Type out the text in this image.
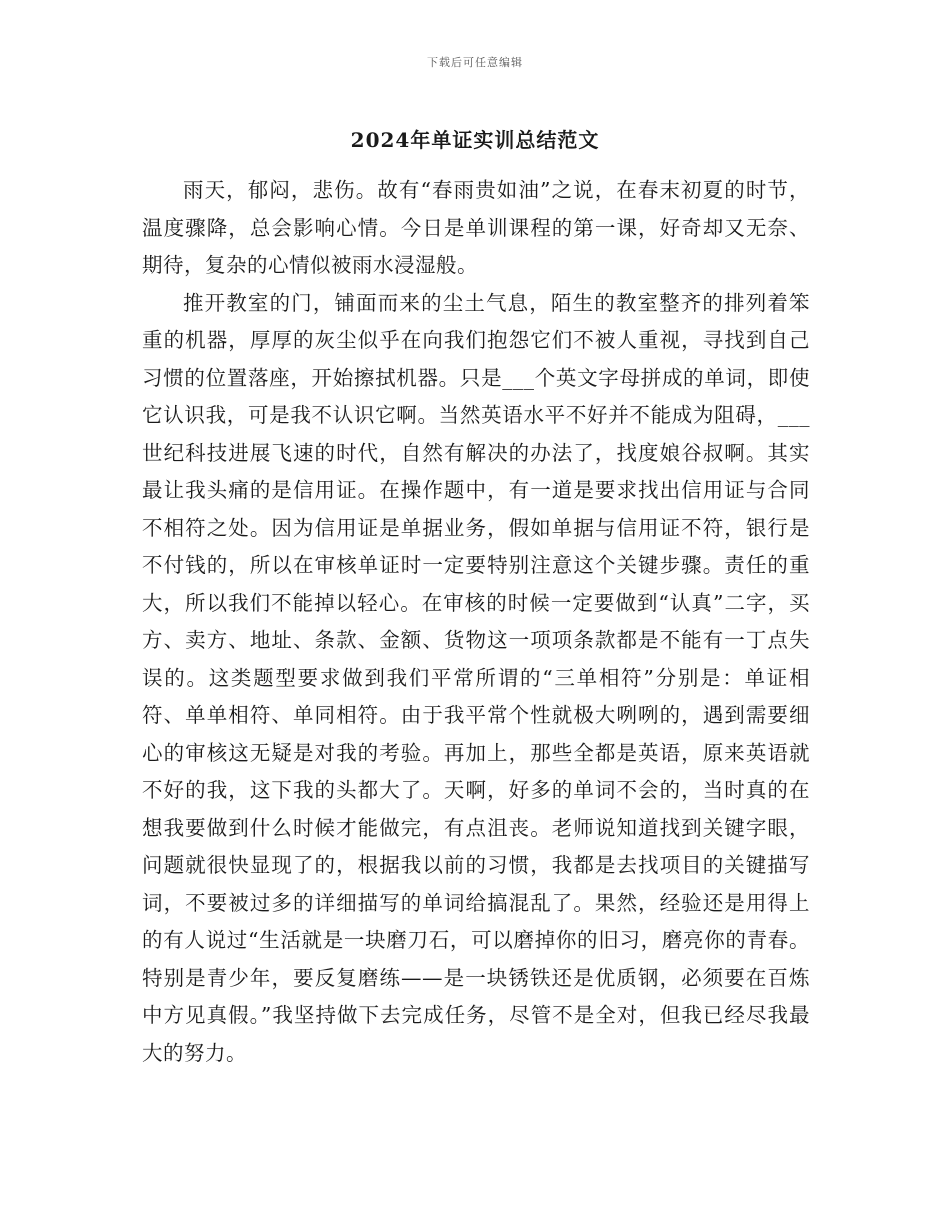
下载后可任意编辑
2024年单证实训总结范文

雨天，郁闷，悲伤。故有“春雨贵如油”之说，在春末初夏的时节，温度骤降，总会影响心情。今日是单训课程的第一课，好奇却又无奈、期待，复杂的心情似被雨水浸湿般。

推开教室的门，铺面而来的尘土气息，陌生的教室整齐的排列着笨重的机器，厚厚的灰尘似乎在向我们抱怨它们不被人重视，寻找到自己习惯的位置落座，开始擦拭机器。只是___个英文字母拼成的单词，即使它认识我，可是我不认识它啊。当然英语水平不好并不能成为阻碍，___世纪科技进展飞速的时代，自然有解决的办法了，找度娘谷叔啊。其实最让我头痛的是信用证。在操作题中，有一道是要求找出信用证与合同不相符之处。因为信用证是单据业务，假如单据与信用证不符，银行是不付钱的，所以在审核单证时一定要特别注意这个关键步骤。责任的重大，所以我们不能掉以轻心。在审核的时候一定要做到“认真”二字，买方、卖方、地址、条款、金额、货物这一项项条款都是不能有一丁点失误的。这类题型要求做到我们平常所谓的“三单相符”分别是：单证相符、单单相符、单同相符。由于我平常个性就极大咧咧的，遇到需要细心的审核这无疑是对我的考验。再加上，那些全都是英语，原来英语就不好的我，这下我的头都大了。天啊，好多的单词不会的，当时真的在想我要做到什么时候才能做完，有点沮丧。老师说知道找到关键字眼，问题就很快显现了的，根据我以前的习惯，我都是去找项目的关键描写词，不要被过多的详细描写的单词给搞混乱了。果然，经验还是用得上的有人说过“生活就是一块磨刀石，可以磨掉你的旧习，磨亮你的青春。特别是青少年，要反复磨练——是一块锈铁还是优质钢，必须要在百炼中方见真假。”我坚持做下去完成任务，尽管不是全对，但我已经尽我最大的努力。
